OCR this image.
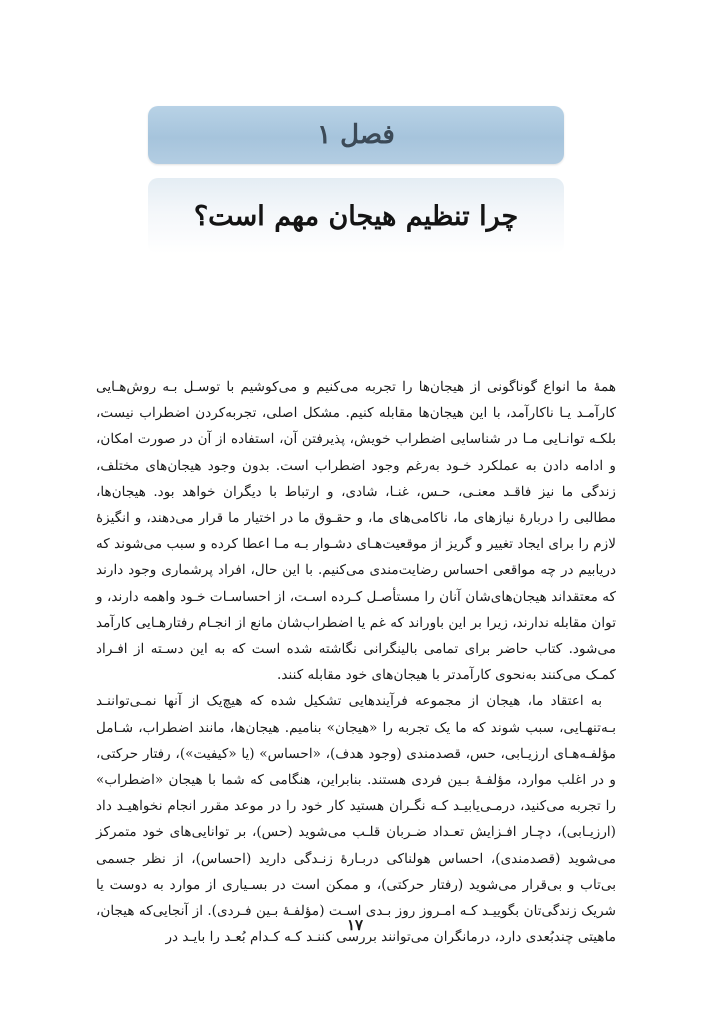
فصل ۱
چرا تنظیم هیجان مهم است؟

همهٔ ما انواع گوناگونی از هیجان‌ها را تجربه می‌کنیم و می‌کوشیم با توسـل بـه روش‌هـایی کارآمـد یـا ناکارآمد، با این هیجان‌ها مقابله کنیم. مشکل اصلی، تجربه‌کردن اضطراب نیست، بلکـه توانـایی مـا در شناسایی اضطراب خویش، پذیرفتن آن، استفاده از آن در صورت امکان، و ادامه دادن به عملکرد خـود به‌رغم وجود اضطراب است. بدون وجود هیجان‌های مختلف، زندگی ما نیز فاقـد معنـی، حـس، غنـا، شادی، و ارتباط با دیگران خواهد بود. هیجان‌ها، مطالبی را دربارهٔ نیازهای ما، ناکامی‌های ما، و حقـوق ما در اختیار ما قرار می‌دهند، و انگیزهٔ لازم را برای ایجاد تغییر و گریز از موقعیت‌هـای دشـوار بـه مـا اعطا کرده و سبب می‌شوند که دریابیم در چه مواقعی احساس رضایت‌مندی می‌کنیم. با این حال، افراد پرشماری وجود دارند که معتقداند هیجان‌های‌شان آنان را مستأصـل کـرده اسـت، از احساسـات خـود واهمه دارند، و توان مقابله ندارند، زیرا بر این باوراند که غم یا اضطراب‌شان مانع از انجـام رفتارهـایی کارآمد می‌شود. کتاب حاضر برای تمامی بالینگرانی نگاشته شده است که به این دسـته از افـراد کمـک می‌کنند به‌نحوی کارآمدتر با هیجان‌های خود مقابله کنند.

به اعتقاد ما، هیجان از مجموعه فرآیندهایی تشکیل شده که هیچ‌یک از آنها نمـی‌تواننـد بـه‌تنهـایی، سبب شوند که ما یک تجربه را «هیجان» بنامیم. هیجان‌ها، مانند اضطراب، شـامل مؤلفـه‌هـای ارزیـابی، حس، قصدمندی (وجود هدف)، «احساس» (یا «کیفیت»)، رفتار حرکتی، و در اغلب موارد، مؤلفـهٔ بـین فردی هستند. بنابراین، هنگامی که شما با هیجان «اضطراب» را تجربه می‌کنید، درمـی‌یابیـد کـه نگـران هستید کار خود را در موعد مقرر انجام نخواهیـد داد (ارزیـابی)، دچـار افـزایش تعـداد ضـربان قلـب می‌شوید (حس)، بر توانایی‌های خود متمرکز می‌شوید (قصدمندی)، احساس هولناکی دربـارهٔ زنـدگی دارید (احساس)، از نظر جسمی بی‌تاب و بی‌قرار می‌شوید (رفتار حرکتی)، و ممکن است در بسـیاری از موارد به دوست یا شریک زندگی‌تان بگوییـد کـه امـروز روز بـدی اسـت (مؤلفـهٔ بـین فـردی). از آنجایی‌که هیجان، ماهیتی چندبُعدی دارد، درمانگران می‌توانند بررسی کننـد کـه کـدام بُعـد را بایـد در

۱۷
